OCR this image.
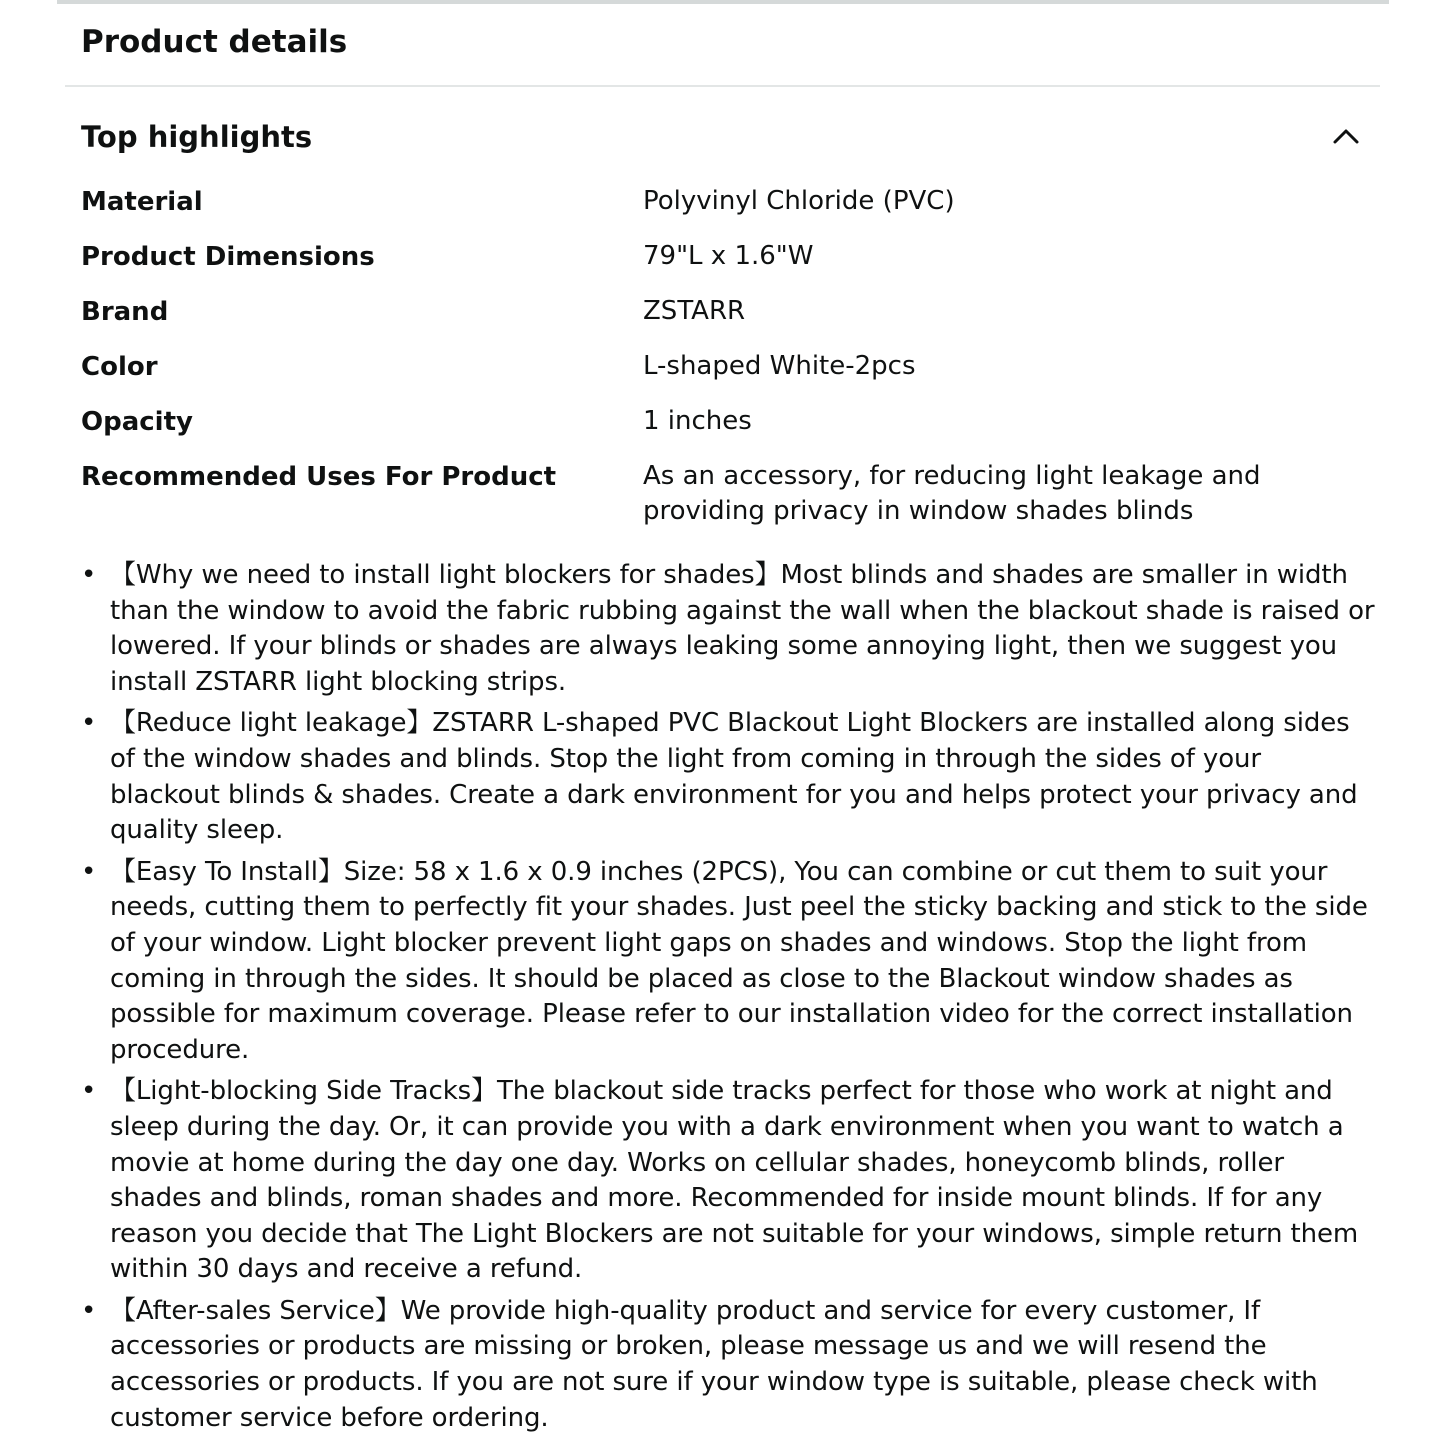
Product details
Top highlights
Material	Polyvinyl Chloride (PVC)
Product Dimensions	79"L x 1.6"W
Brand	ZSTARR
Color	L-shaped White-2pcs
Opacity	1 inches
Recommended Uses For Product	As an accessory, for reducing light leakage and providing privacy in window shades blinds
• 【Why we need to install light blockers for shades】Most blinds and shades are smaller in width than the window to avoid the fabric rubbing against the wall when the blackout shade is raised or lowered. If your blinds or shades are always leaking some annoying light, then we suggest you install ZSTARR light blocking strips.
• 【Reduce light leakage】ZSTARR L-shaped PVC Blackout Light Blockers are installed along sides of the window shades and blinds. Stop the light from coming in through the sides of your blackout blinds & shades. Create a dark environment for you and helps protect your privacy and quality sleep.
• 【Easy To Install】Size: 58 x 1.6 x 0.9 inches (2PCS), You can combine or cut them to suit your needs, cutting them to perfectly fit your shades. Just peel the sticky backing and stick to the side of your window. Light blocker prevent light gaps on shades and windows. Stop the light from coming in through the sides. It should be placed as close to the Blackout window shades as possible for maximum coverage. Please refer to our installation video for the correct installation procedure.
• 【Light-blocking Side Tracks】The blackout side tracks perfect for those who work at night and sleep during the day. Or, it can provide you with a dark environment when you want to watch a movie at home during the day one day. Works on cellular shades, honeycomb blinds, roller shades and blinds, roman shades and more. Recommended for inside mount blinds. If for any reason you decide that The Light Blockers are not suitable for your windows, simple return them within 30 days and receive a refund.
• 【After-sales Service】We provide high-quality product and service for every customer, If accessories or products are missing or broken, please message us and we will resend the accessories or products. If you are not sure if your window type is suitable, please check with customer service before ordering.
